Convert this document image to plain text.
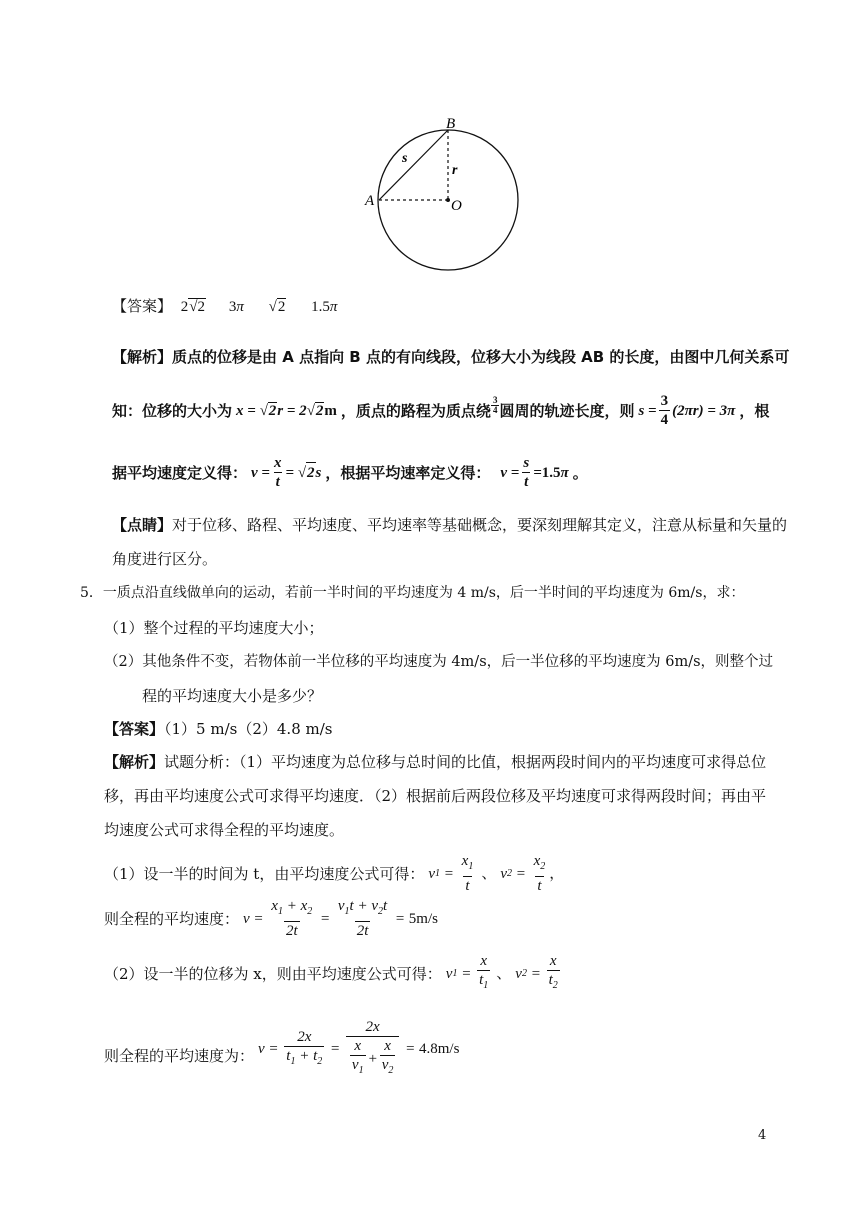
B
A	O
s
r
【答案】 2√2 3π √2 1.5π
【解析】质点的位移是由 A 点指向 B 点的有向线段，位移大小为线段 AB 的长度，由图中几何关系可
知：位移的大小为 x = √2r = 2√2m ，质点的路程为质点绕 $\frac{3}{4}$ 圆周的轨迹长度，则 $s = \frac{3}{4} (2\pi r) = 3\pi$ ，根
据平均速度定义得： $v = \frac{x}{t}$ = √ 2 s ，根据平均速率定义得： $v = \frac{s}{t} = 1.5$ π 。
【点睛】对于位移、路程、平均速度、平均速率等基础概念，要深刻理解其定义，注意从标量和矢量的
角度进行区分。
5．一质点沿直线做单向的运动，若前一半时间的平均速度为 4 m/s，后一半时间的平均速度为 6m/s，求：
（1）整个过程的平均速度大小；
（2）其他条件不变，若物体前一半位移的平均速度为 4m/s，后一半位移的平均速度为 6m/s，则整个过
程的平均速度大小是多少？
【答案】（1）5 m/s（2）4.8 m/s
【解析】试题分析：（1）平均速度为总位移与总时间的比值，根据两段时间内的平均速度可求得总位
移，再由平均速度公式可求得平均速度．（2）根据前后两段位移及平均速度可求得两段时间；再由平
均速度公式可求得全程的平均速度。
（1）设一半的时间为 t，由平均速度公式可得： v $1 = \frac{x_1}{t}$ 、 v $2 = \frac{x_2}{t}$ ，
则全程的平均速度： $v = \frac{x_1 + x_2}{2t} = \frac{v_1t + v_2t}{2t} = 5m/s$
（2）设一半的位移为 x，则由平均速度公式可得： v $1 = \frac{x}{t_1}$ 、 v $2 = \frac{x}{t_2}$
则全程的平均速度为： $v = \frac{2x}{t_1 + t_2} = \frac{2x}{\frac{x}{v_1} + \frac{x}{v_2}} = 4.8m/s$
4
